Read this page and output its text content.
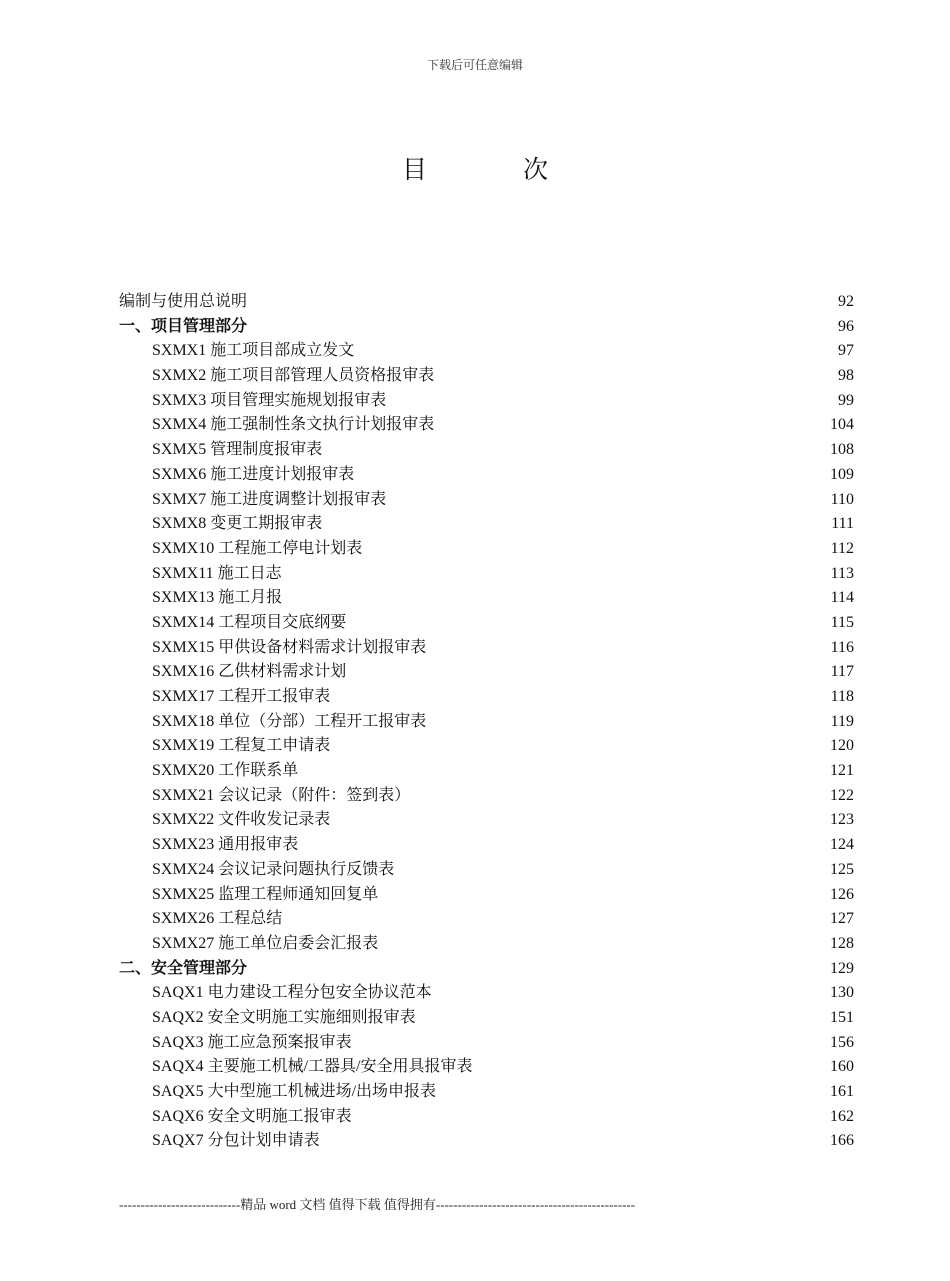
下载后可任意编辑
目 次
编制与使用总说明	92
一、项目管理部分	96
SXMX1 施工项目部成立发文	97
SXMX2 施工项目部管理人员资格报审表	98
SXMX3 项目管理实施规划报审表	99
SXMX4 施工强制性条文执行计划报审表	104
SXMX5 管理制度报审表	108
SXMX6 施工进度计划报审表	109
SXMX7 施工进度调整计划报审表	110
SXMX8 变更工期报审表	111
SXMX10 工程施工停电计划表	112
SXMX11 施工日志	113
SXMX13 施工月报	114
SXMX14 工程项目交底纲要	115
SXMX15 甲供设备材料需求计划报审表	116
SXMX16 乙供材料需求计划	117
SXMX17 工程开工报审表	118
SXMX18 单位（分部）工程开工报审表	119
SXMX19 工程复工申请表	120
SXMX20 工作联系单	121
SXMX21 会议记录（附件：签到表）	122
SXMX22 文件收发记录表	123
SXMX23 通用报审表	124
SXMX24 会议记录问题执行反馈表	125
SXMX25 监理工程师通知回复单	126
SXMX26 工程总结	127
SXMX27 施工单位启委会汇报表	128
二、安全管理部分	129
SAQX1 电力建设工程分包安全协议范本	130
SAQX2 安全文明施工实施细则报审表	151
SAQX3 施工应急预案报审表	156
SAQX4 主要施工机械/工器具/安全用具报审表	160
SAQX5 大中型施工机械进场/出场申报表	161
SAQX6 安全文明施工报审表	162
SAQX7 分包计划申请表	166
----------------------------精品 word 文档 值得下载 值得拥有----------------------------------------------
